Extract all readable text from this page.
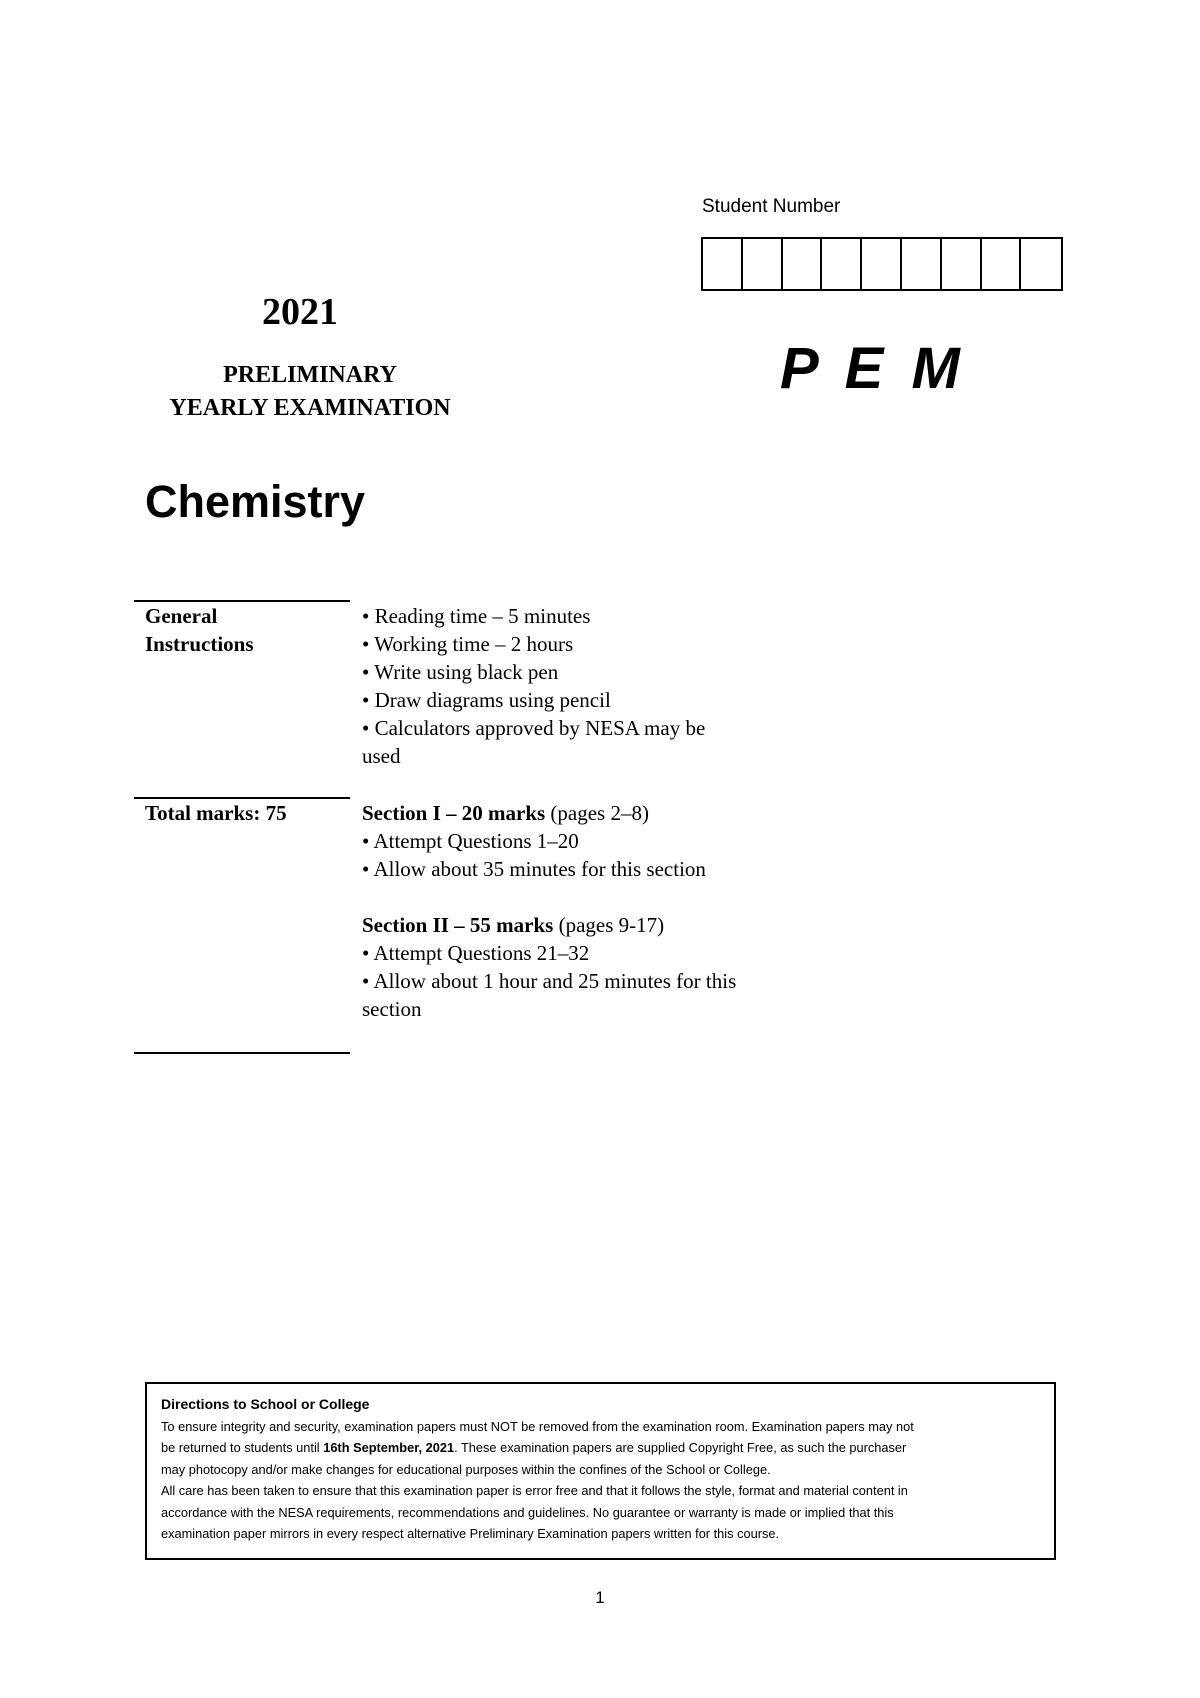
Student Number
2021
PRELIMINARY
YEARLY EXAMINATION
P E M
Chemistry
General
Instructions
• Reading time – 5 minutes
• Working time – 2 hours
• Write using black pen
• Draw diagrams using pencil
• Calculators approved by NESA may be
used
Total marks: 75	Section I – 20 marks (pages 2–8)
• Attempt Questions 1–20
• Allow about 35 minutes for this section
Section II – 55 marks (pages 9-17)
• Attempt Questions 21–32
• Allow about 1 hour and 25 minutes for this
section
Directions to School or College
To ensure integrity and security, examination papers must NOT be removed from the examination room. Examination papers may not
be returned to students until 16th September, 2021. These examination papers are supplied Copyright Free, as such the purchaser
may photocopy and/or make changes for educational purposes within the confines of the School or College.
All care has been taken to ensure that this examination paper is error free and that it follows the style, format and material content in
accordance with the NESA requirements, recommendations and guidelines. No guarantee or warranty is made or implied that this
examination paper mirrors in every respect alternative Preliminary Examination papers written for this course.
1
